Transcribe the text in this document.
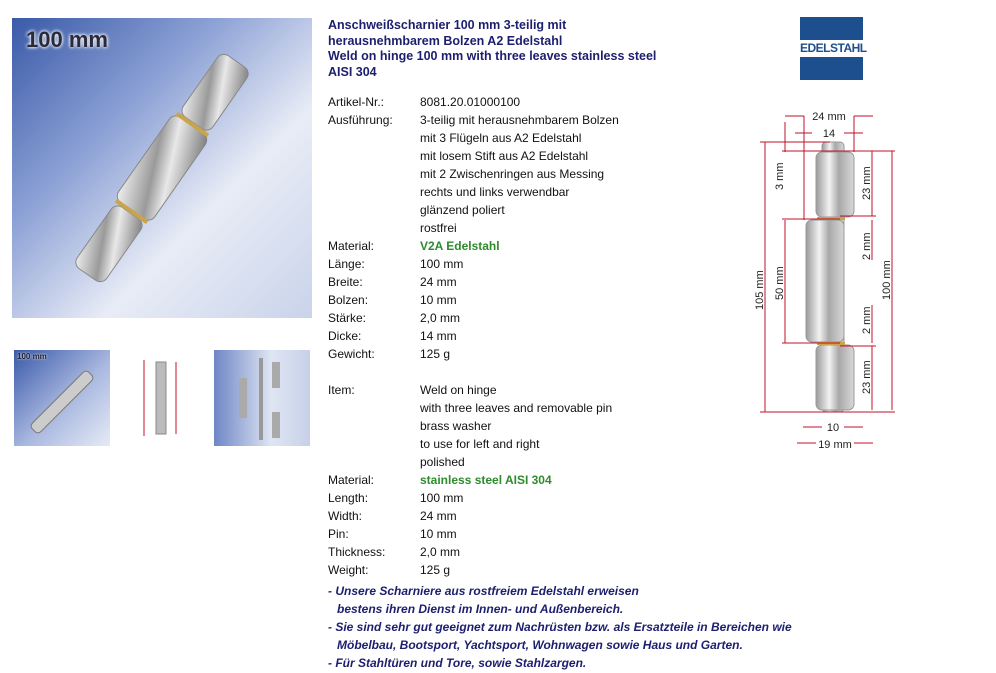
100 mm
100 mm
Anschweißscharnier 100 mm 3-teilig mit
herausnehmbarem Bolzen A2 Edelstahl
Weld on hinge 100 mm with three leaves stainless steel
AISI 304
EDELSTAHL
Artikel-Nr.:	8081.20.01000100
Ausführung:	3-teilig mit herausnehmbarem Bolzen
mit 3 Flügeln aus A2 Edelstahl
mit losem Stift aus A2 Edelstahl
mit 2 Zwischenringen aus Messing
rechts und links verwendbar
glänzend poliert
rostfrei
Material:	V2A Edelstahl
Länge:	100 mm
Breite:	24 mm
Bolzen:	10 mm
Stärke:	2,0 mm
Dicke:	14 mm
Gewicht:	125 g
Item:	Weld on hinge
with three leaves and removable pin
brass washer
to use for left and right
polished
Material:	stainless steel AISI 304
Length:	100 mm
Width:	24 mm
Pin:	10 mm
Thickness:	2,0 mm
Weight:	125 g
- Unsere Scharniere aus rostfreiem Edelstahl erweisen
bestens ihren Dienst im Innen- und Außenbereich.
- Sie sind sehr gut geeignet zum Nachrüsten bzw. als Ersatzteile in Bereichen wie
Möbelbau, Bootsport, Yachtsport, Wohnwagen sowie Haus und Garten.
- Für Stahltüren und Tore, sowie Stahlzargen.
24 mm
14
3 mm	23 mm
105 mm 50 mm
2 mm
2 mm
100 mm
23 mm
10
19 mm
